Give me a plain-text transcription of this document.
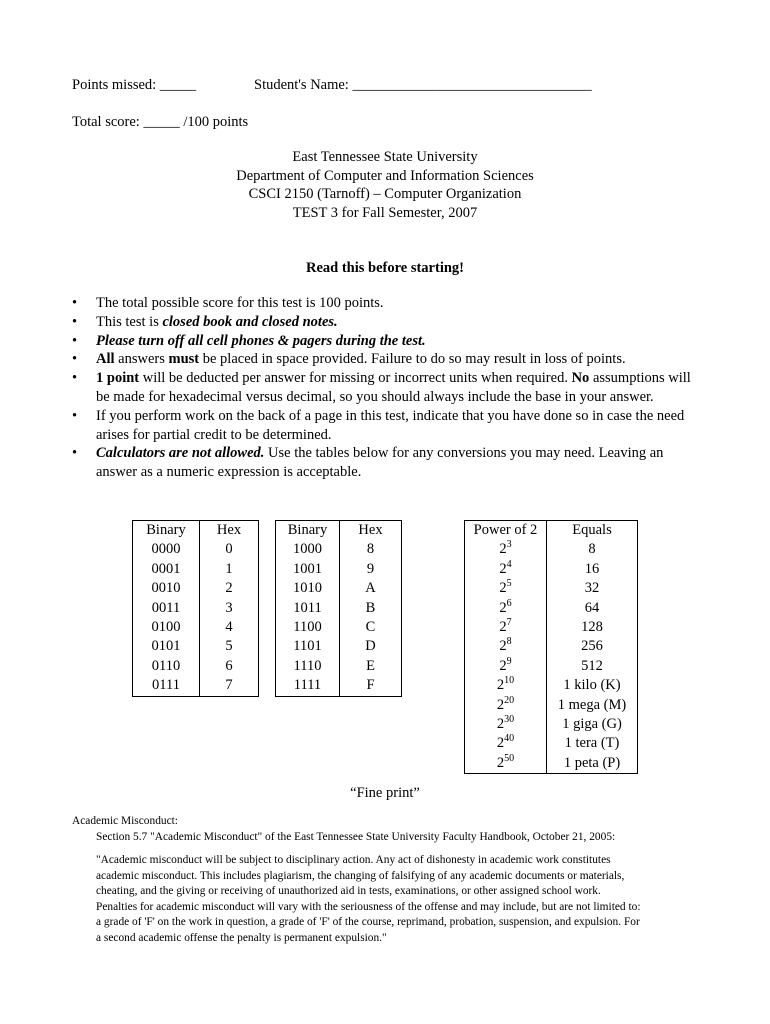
Points missed: _____	Student's Name: _________________________________
Total score: _____ /100 points
East Tennessee State University
Department of Computer and Information Sciences
CSCI 2150 (Tarnoff) – Computer Organization
TEST 3 for Fall Semester, 2007
Read this before starting!
• The total possible score for this test is 100 points.
• This test is closed book and closed notes.
• Please turn off all cell phones & pagers during the test.
• All answers must be placed in space provided. Failure to do so may result in loss of points.
• 1 point will be deducted per answer for missing or incorrect units when required. No assumptions will be made for hexadecimal versus decimal, so you should always include the base in your answer.
• If you perform work on the back of a page in this test, indicate that you have done so in case the need arises for partial credit to be determined.
• Calculators are not allowed. Use the tables below for any conversions you may need. Leaving an answer as a numeric expression is acceptable.
Binary	Hex
0000	0
0001	1
0010	2
0011	3
0100	4
0101	5
0110	6
0111	7
Binary	Hex
1000	8
1001	9
1010	A
1011	B
1100	C
1101	D
1110	E
1111	F
Power of 2	Equals
$2^3$	8
$2^4$	16
$2^5$	32
$2^6$	64
$2^7$	128
$2^8$	256
$2^9$	512
$2^{10}$	1 kilo (K)
$2^{20}$	1 mega (M)
$2^{30}$	1 giga (G)
$2^{40}$	1 tera (T)
$2^{50}$	1 peta (P)
“Fine print”
Academic Misconduct:
Section 5.7 "Academic Misconduct" of the East Tennessee State University Faculty Handbook, October 21, 2005:
"Academic misconduct will be subject to disciplinary action. Any act of dishonesty in academic work constitutes
academic misconduct. This includes plagiarism, the changing of falsifying of any academic documents or materials,
cheating, and the giving or receiving of unauthorized aid in tests, examinations, or other assigned school work.
Penalties for academic misconduct will vary with the seriousness of the offense and may include, but are not limited to:
a grade of 'F' on the work in question, a grade of 'F' of the course, reprimand, probation, suspension, and expulsion. For
a second academic offense the penalty is permanent expulsion."
